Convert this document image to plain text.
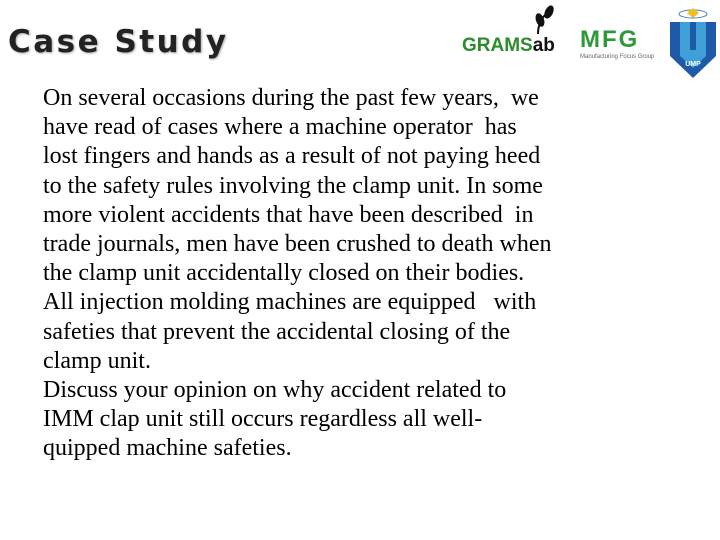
Case Study	GRAMSab MFG
Manufacturing Focus Group
UMP
On several occasions during the past few years,  we
have read of cases where a machine operator  has
lost fingers and hands as a result of not paying heed
to the safety rules involving the clamp unit. In some
more violent accidents that have been described  in
trade journals, men have been crushed to death when
the clamp unit accidentally closed on their bodies.
All injection molding machines are equipped   with
safeties that prevent the accidental closing of the
clamp unit.
Discuss your opinion on why accident related to
IMM clap unit still occurs regardless all well-
quipped machine safeties.
